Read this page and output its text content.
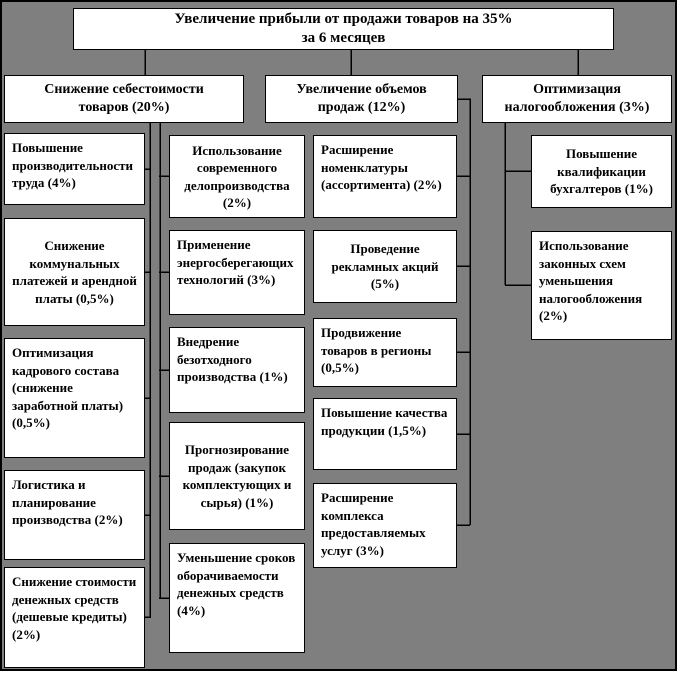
Увеличение прибыли от продажи товаров на 35%
за 6 месяцев
Снижение себестоимости товаров (20%)
Увеличение объемов продаж (12%)
Оптимизация налогообложения (3%)
Повышение производительности труда (4%)
Снижение коммунальных платежей и арендной платы (0,5%)
Оптимизация кадрового состава (снижение заработной платы) (0,5%)
Логистика и планирование производства (2%)
Снижение стоимости денежных средств (дешевые кредиты) (2%)
Использование современного делопроизводства (2%)
Применение энергосберегающих технологий (3%)
Внедрение безотходного производства (1%)
Прогнозирование продаж (закупок комплектующих и сырья) (1%)
Уменьшение сроков оборачиваемости денежных средств (4%)
Расширение номенклатуры (ассортимента) (2%)
Проведение рекламных акций (5%)
Продвижение товаров в регионы (0,5%)
Повышение качества продукции (1,5%)
Расширение комплекса предоставляемых услуг (3%)
Повышение квалификации бухгалтеров (1%)
Использование законных схем уменьшения налогообложения (2%)
